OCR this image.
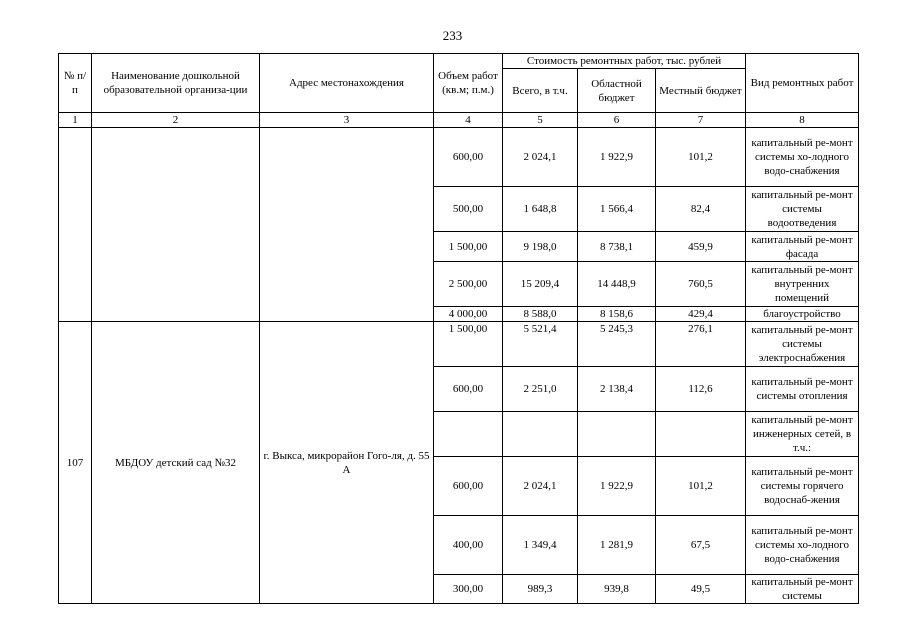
233
№ п/п	Наименование дошкольной образовательной организа-ции	Адрес местонахождения	Объем работ (кв.м; п.м.)	Стоимость ремонтных работ, тыс. рублей			Вид ремонтных работ
				Всего, в т.ч.	Областной бюджет	Местный бюджет	
1	2	3	4	5	6	7	8
			600,00	2 024,1	1 922,9	101,2	капитальный ре-монт системы хо-лодного водо-снабжения
			500,00	1 648,8	1 566,4	82,4	капитальный ре-монт системы водоотведения
			1 500,00	9 198,0	8 738,1	459,9	капитальный ре-монт фасада
			2 500,00	15 209,4	14 448,9	760,5	капитальный ре-монт внутренних помещений
			4 000,00	8 588,0	8 158,6	429,4	благоустройство
107	МБДОУ детский сад №32	г. Выкса, микрорайон Гого-ля, д. 55 А	1 500,00	5 521,4	5 245,3	276,1	капитальный ре-монт системы электроснабжения
			600,00	2 251,0	2 138,4	112,6	капитальный ре-монт системы отопления
							капитальный ре-монт инженерных сетей, в т.ч.:
			600,00	2 024,1	1 922,9	101,2	капитальный ре-монт системы горячего водоснаб-жения
			400,00	1 349,4	1 281,9	67,5	капитальный ре-монт системы хо-лодного водо-снабжения
			300,00	989,3	939,8	49,5	капитальный ре-монт системы
